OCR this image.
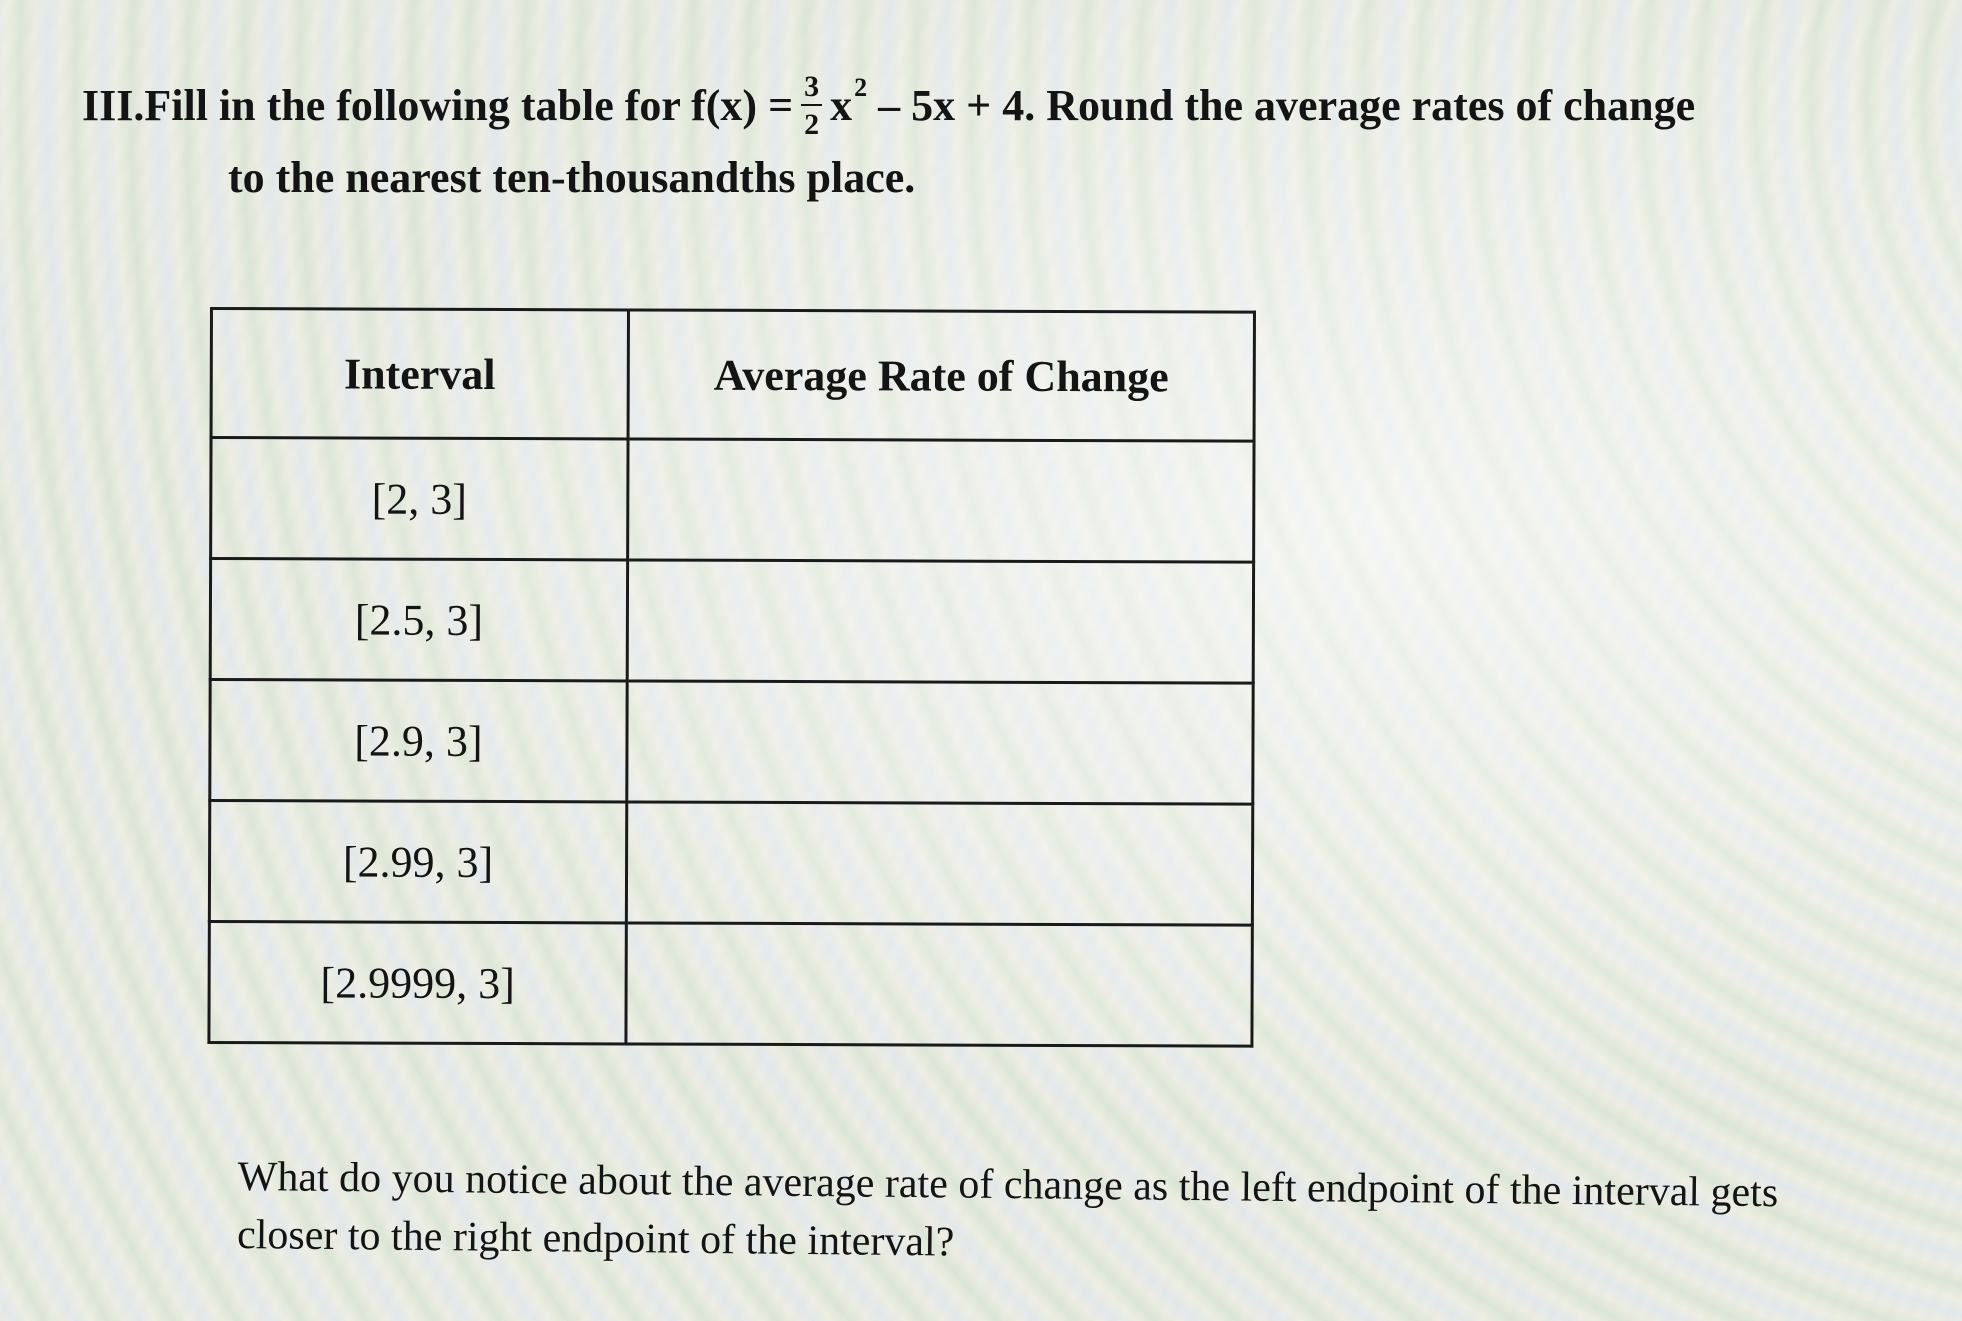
III. Fill in the following table for $f(x) = \frac{3}{2}$ x 2
– 5x + 4. Round the average rates of change
to the nearest ten-thousandths place.
Interval	Average Rate of Change
[2, 3]	
[2.5, 3]	
[2.9, 3]	
[2.99, 3]	
[2.9999, 3]	
What do you notice about the average rate of change as the left endpoint of the interval gets closer to the right endpoint of the interval?
